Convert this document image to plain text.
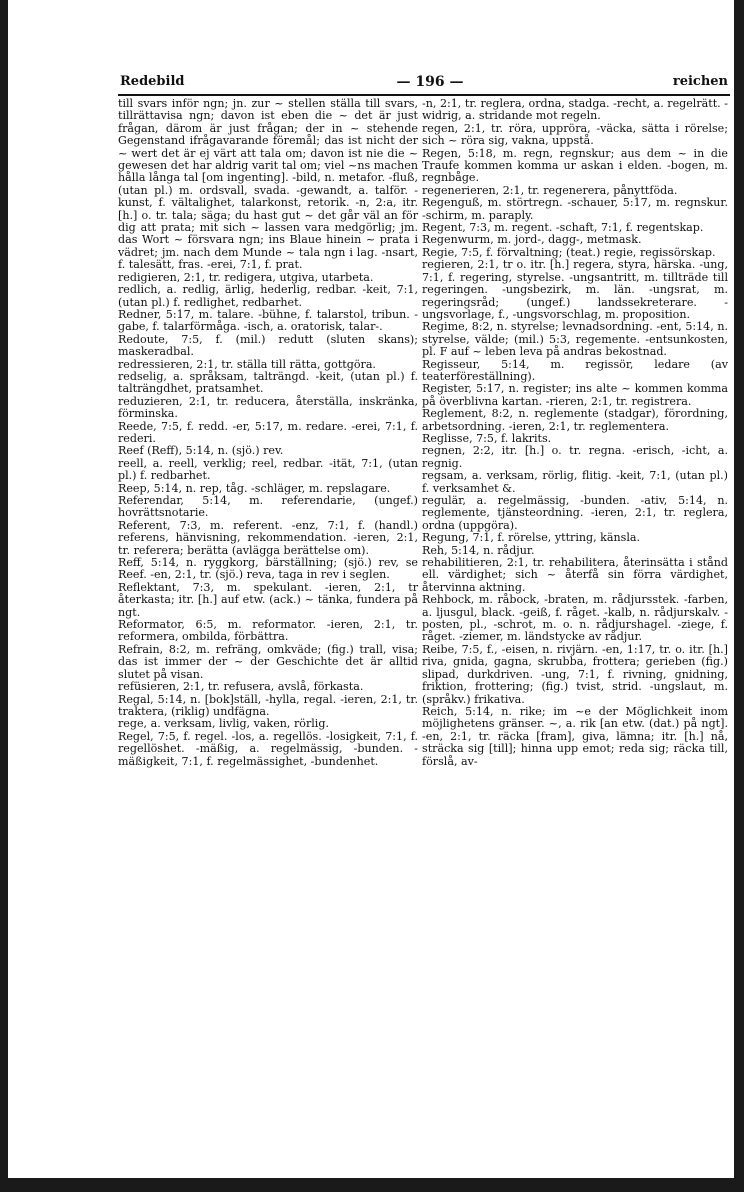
Redebild	— 196 —	reichen

till svars inför ngn; jn. zur ~ stellen ställa till svars, tillrättavisa ngn; davon ist eben die ~ det är just frågan, därom är just frågan; der in ~ stehende Gegenstand ifrågavarande föremål; das ist nicht der ~ wert det är ej värt att tala om; davon ist nie die ~ gewesen det har aldrig varit tal om; viel ~ns machen hålla långa tal [om ingenting]. -bild, n. metafor. -fluß, (utan pl.) m. ordsvall, svada. -gewandt, a. talför. -kunst, f. vältalighet, talarkonst, retorik. -n, 2:a, itr. [h.] o. tr. tala; säga; du hast gut ~ det går väl an för dig att prata; mit sich ~ lassen vara medgörlig; jm. das Wort ~ försvara ngn; ins Blaue hinein ~ prata i vädret; jm. nach dem Munde ~ tala ngn i lag. -nsart, f. talesätt, fras. -erei, 7:1, f. prat.

redigieren, 2:1, tr. redigera, utgiva, utarbeta.

redlich, a. redlig, ärlig, hederlig, redbar. -keit, 7:1, (utan pl.) f. redlighet, redbarhet.

Redner, 5:17, m. talare. -bühne, f. talarstol, tribun. -gabe, f. talarförmåga. -isch, a. oratorisk, talar-.

Redoute, 7:5, f. (mil.) redutt (sluten skans); maskeradbal.

redressieren, 2:1, tr. ställa till rätta, gottgöra.

redselig, a. språksam, talträngd. -keit, (utan pl.) f. talträngdhet, pratsamhet.

reduzieren, 2:1, tr. reducera, återställa, inskränka, förminska.

Reede, 7:5, f. redd. -er, 5:17, m. redare. -erei, 7:1, f. rederi.

Reef (Reff), 5:14, n. (sjö.) rev.

reell, a. reell, verklig; reel, redbar. -ität, 7:1, (utan pl.) f. redbarhet.

Reep, 5:14, n. rep, tåg. -schläger, m. repslagare.

Referendar, 5:14, m. referendarie, (ungef.) hovrättsnotarie.

Referent, 7:3, m. referent. -enz, 7:1, f. (handl.) referens, hänvisning, rekommendation. -ieren, 2:1, tr. referera; berätta (avlägga berättelse om).

Reff, 5:14, n. ryggkorg, bärställning; (sjö.) rev, se Reef. -en, 2:1, tr. (sjö.) reva, taga in rev i seglen.

Reflektant, 7:3, m. spekulant. -ieren, 2:1, tr återkasta; itr. [h.] auf etw. (ack.) ~ tänka, fundera på ngt.

Reformator, 6:5, m. reformator. -ieren, 2:1, tr. reformera, ombilda, förbättra.

Refrain, 8:2, m. refräng, omkväde; (fig.) trall, visa; das ist immer der ~ der Geschichte det är alltid slutet på visan.

refüsieren, 2:1, tr. refusera, avslå, förkasta.

Regal, 5:14, n. [bok]ställ, -hylla, regal. -ieren, 2:1, tr. traktera, (riklig) undfägna.

rege, a. verksam, livlig, vaken, rörlig.

Regel, 7:5, f. regel. -los, a. regellös. -losigkeit, 7:1, f. regellöshet. -mäßig, a. regelmässig, -bunden. -mäßigkeit, 7:1, f. regelmässighet, -bundenhet.

-n, 2:1, tr. reglera, ordna, stadga. -recht, a. regelrätt. -widrig, a. stridande mot regeln.

regen, 2:1, tr. röra, uppröra, -väcka, sätta i rörelse; sich ~ röra sig, vakna, uppstå.

Regen, 5:18, m. regn, regnskur; aus dem ~ in die Traufe kommen komma ur askan i elden. -bogen, m. regnbåge.

regenerieren, 2:1, tr. regenerera, pånyttföda.

Regenguß, m. störtregn. -schauer, 5:17, m. regnskur. -schirm, m. paraply.

Regent, 7:3, m. regent. -schaft, 7:1, f. regentskap.

Regenwurm, m. jord-, dagg-, metmask.

Regie, 7:5, f. förvaltning; (teat.) regie, regissörskap.

regieren, 2:1, tr o. itr. [h.] regera, styra, härska. -ung, 7:1, f. regering, styrelse. -ungsantritt, m. tillträde till regeringen. -ungsbezirk, m. län. -ungsrat, m. regeringsråd; (ungef.) landssekreterare. -ungsvorlage, f., -ungsvorschlag, m. proposition.

Regime, 8:2, n. styrelse; levnadsordning. -ent, 5:14, n. styrelse, välde; (mil.) 5:3, regemente. -entsunkosten, pl. F auf ~ leben leva på andras bekostnad.

Regisseur, 5:14, m. regissör, ledare (av teaterföreställning).

Register, 5:17, n. register; ins alte ~ kommen komma på överblivna kartan. -rieren, 2:1, tr. registrera.

Reglement, 8:2, n. reglemente (stadgar), förordning, arbetsordning. -ieren, 2:1, tr. reglementera.

Reglisse, 7:5, f. lakrits.

regnen, 2:2, itr. [h.] o. tr. regna. -erisch, -icht, a. regnig.

regsam, a. verksam, rörlig, flitig. -keit, 7:1, (utan pl.) f. verksamhet &.

regulär, a. regelmässig, -bunden. -ativ, 5:14, n. reglemente, tjänsteordning. -ieren, 2:1, tr. reglera, ordna (uppgöra).

Regung, 7:1, f. rörelse, yttring, känsla.

Reh, 5:14, n. rådjur.

rehabilitieren, 2:1, tr. rehabilitera, återinsätta i stånd ell. värdighet; sich ~ återfå sin förra värdighet, återvinna aktning.

Rehbock, m. råbock, -braten, m. rådjursstek. -farben, a. ljusgul, black. -geiß, f. råget. -kalb, n. rådjurskalv. -posten, pl., -schrot, m. o. n. rådjurshagel. -ziege, f. råget. -ziemer, m. ländstycke av rådjur.

Reibe, 7:5, f., -eisen, n. rivjärn. -en, 1:17, tr. o. itr. [h.] riva, gnida, gagna, skrubba, frottera; gerieben (fig.) slipad, durkdriven. -ung, 7:1, f. rivning, gnidning, friktion, frottering; (fig.) tvist, strid. -ungslaut, m. (språkv.) frikativa.

Reich, 5:14, n. rike; im ~e der Möglichkeit inom möjlighetens gränser. ~, a. rik [an etw. (dat.) på ngt]. -en, 2:1, tr. räcka [fram], giva, lämna; itr. [h.] nå, sträcka sig [till]; hinna upp emot; reda sig; räcka till, förslå, av-
